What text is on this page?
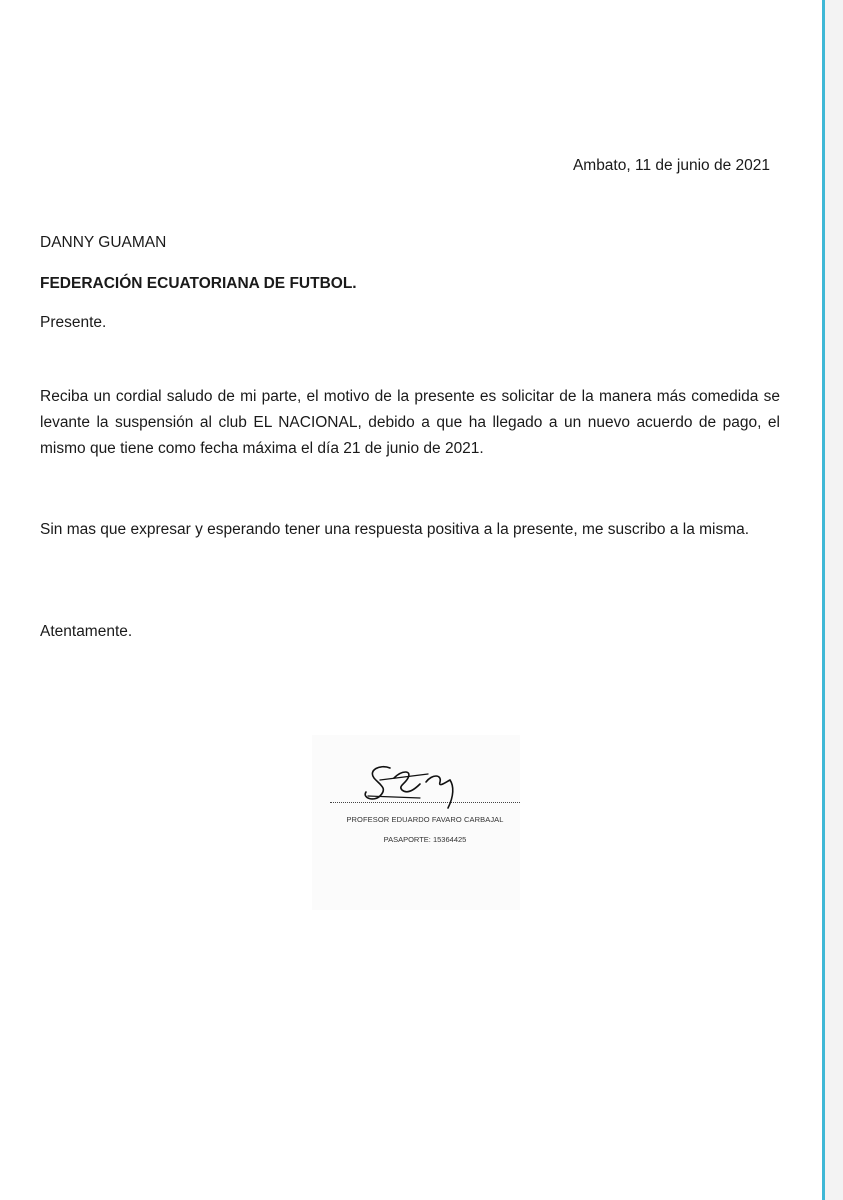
Ambato, 11 de junio de 2021
DANNY GUAMAN
FEDERACIÓN ECUATORIANA DE FUTBOL.
Presente.
Reciba un cordial saludo de mi parte, el motivo de la presente es solicitar de la manera más comedida se levante la suspensión al club EL NACIONAL, debido a que ha llegado a un nuevo acuerdo de pago, el mismo que tiene como fecha máxima el día 21 de junio de 2021.
Sin mas que expresar y esperando tener una respuesta positiva a la presente, me suscribo a la misma.
Atentamente.
PROFESOR EDUARDO FAVARO CARBAJAL
PASAPORTE: 15364425
